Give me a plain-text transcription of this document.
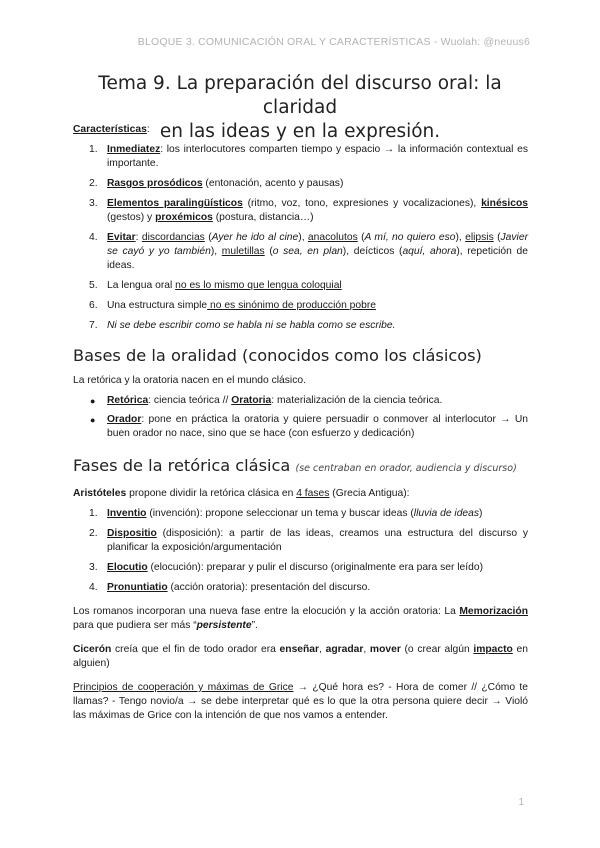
BLOQUE 3. COMUNICACIÓN ORAL Y CARACTERÍSTICAS - Wuolah: @neuus6
Tema 9. La preparación del discurso oral: la claridad
en las ideas y en la expresión.
Características:
1. Inmediatez: los interlocutores comparten tiempo y espacio → la información contextual es importante.
2. Rasgos prosódicos (entonación, acento y pausas)
3. Elementos paralingüísticos (ritmo, voz, tono, expresiones y vocalizaciones), kinésicos (gestos) y proxémicos (postura, distancia…)
4. Evitar: discordancias (Ayer he ido al cine), anacolutos (A mí, no quiero eso), elipsis (Javier se cayó y yo también), muletillas (o sea, en plan), deícticos (aquí, ahora), repetición de ideas.
5. La lengua oral no es lo mismo que lengua coloquial
6. Una estructura simple no es sinónimo de producción pobre
7. Ni se debe escribir como se habla ni se habla como se escribe.
Bases de la oralidad (conocidos como los clásicos)

La retórica y la oratoria nacen en el mundo clásico.

● Retórica: ciencia teórica // Oratoria: materialización de la ciencia teórica.
● Orador: pone en práctica la oratoria y quiere persuadir o conmover al interlocutor → Un buen orador no nace, sino que se hace (con esfuerzo y dedicación)
Fases de la retórica clásica (se centraban en orador, audiencia y discurso)

Aristóteles propone dividir la retórica clásica en 4 fases (Grecia Antigua):

1. Inventio (invención): propone seleccionar un tema y buscar ideas (lluvia de ideas)
2. Dispositio (disposición): a partir de las ideas, creamos una estructura del discurso y planificar la exposición/argumentación
3. Elocutio (elocución): preparar y pulir el discurso (originalmente era para ser leído)
4. Pronuntiatio (acción oratoria): presentación del discurso.

Los romanos incorporan una nueva fase entre la elocución y la acción oratoria: La Memorización para que pudiera ser más “persistente”.

Cicerón creía que el fin de todo orador era enseñar, agradar, mover (o crear algún impacto en alguien)

Principios de cooperación y máximas de Grice → ¿Qué hora es? - Hora de comer // ¿Cómo te llamas? - Tengo novio/a → se debe interpretar qué es lo que la otra persona quiere decir → Violó las máximas de Grice con la intención de que nos vamos a entender.

1
